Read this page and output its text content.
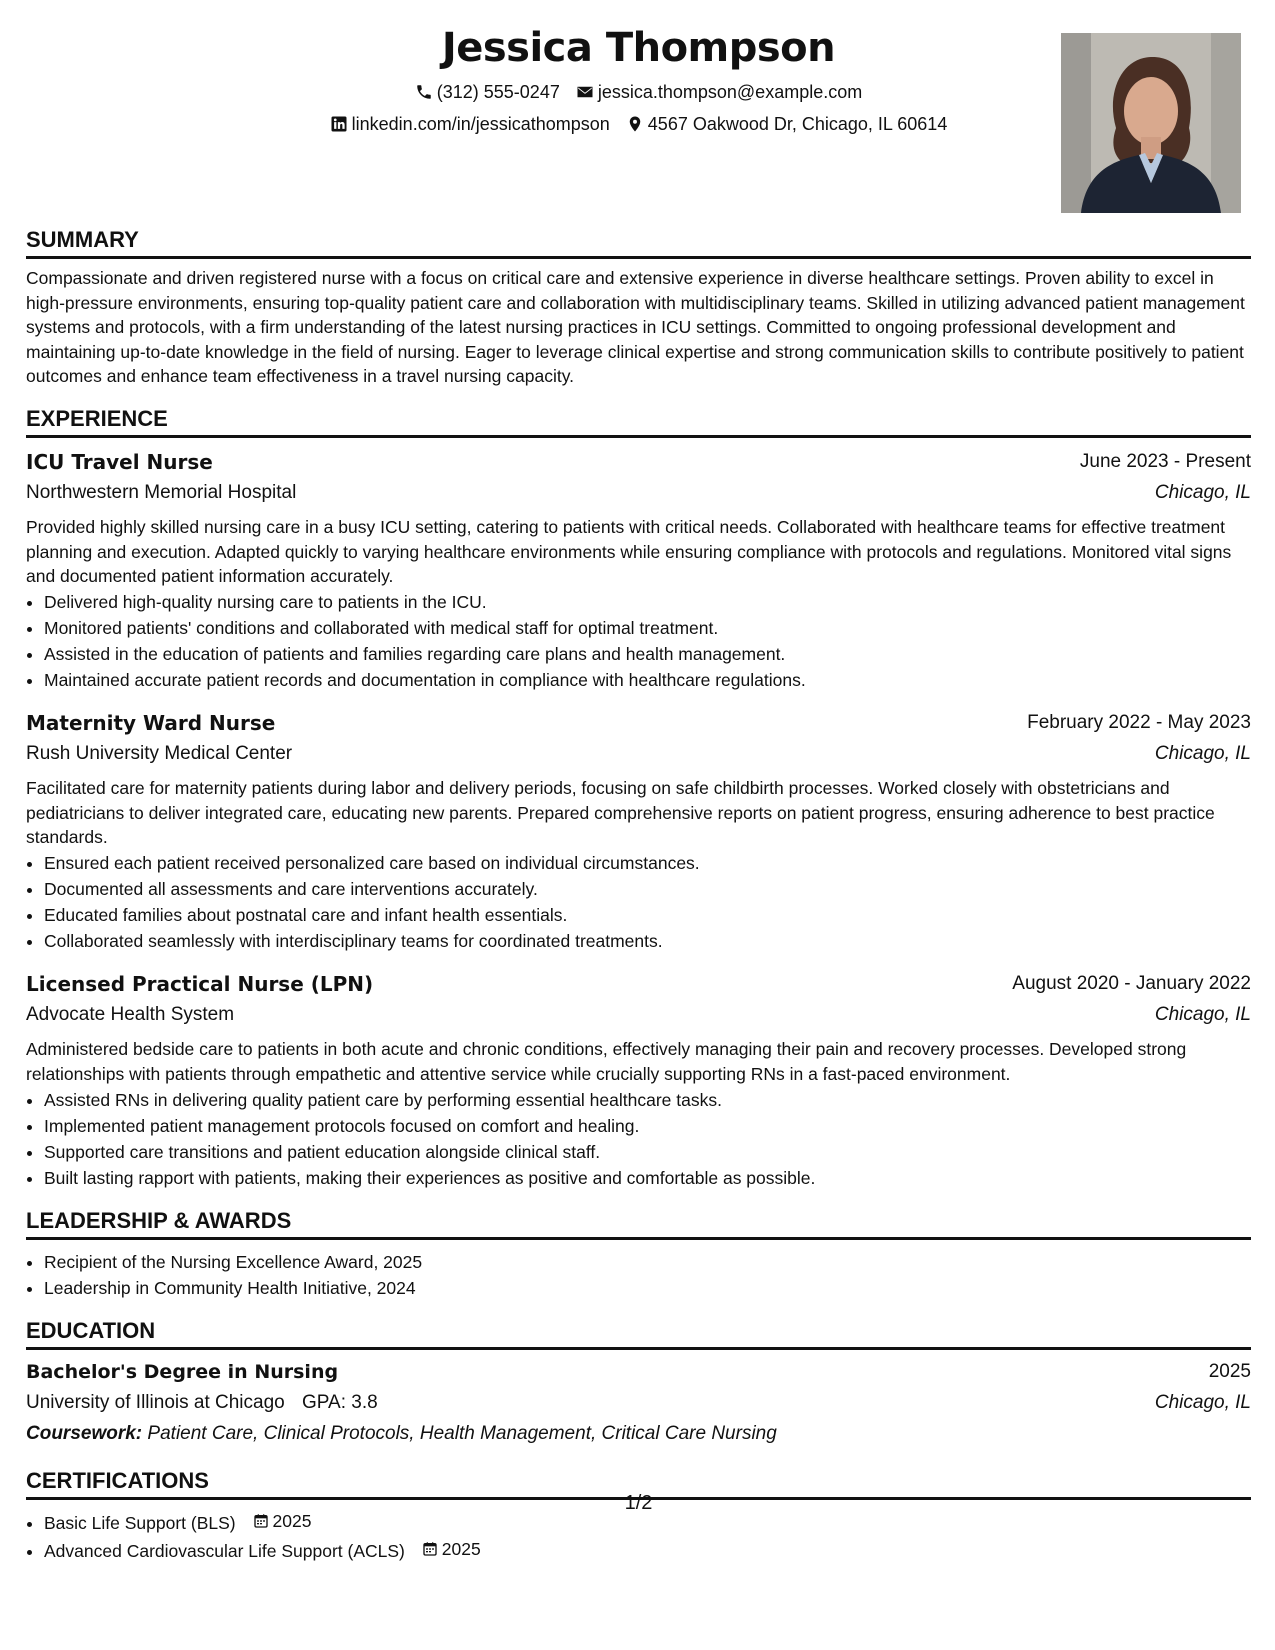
Jessica Thompson
(312) 555-0247 jessica.thompson@example.com
linkedin.com/in/jessicathompson 4567 Oakwood Dr, Chicago, IL 60614
SUMMARY
Compassionate and driven registered nurse with a focus on critical care and extensive experience in diverse healthcare settings. Proven ability to excel in high-pressure environments, ensuring top-quality patient care and collaboration with multidisciplinary teams. Skilled in utilizing advanced patient management systems and protocols, with a firm understanding of the latest nursing practices in ICU settings. Committed to ongoing professional development and maintaining up-to-date knowledge in the field of nursing. Eager to leverage clinical expertise and strong communication skills to contribute positively to patient outcomes and enhance team effectiveness in a travel nursing capacity.
EXPERIENCE
ICU Travel Nurse	June 2023 - Present
Northwestern Memorial Hospital	Chicago, IL
Provided highly skilled nursing care in a busy ICU setting, catering to patients with critical needs. Collaborated with healthcare teams for effective treatment planning and execution. Adapted quickly to varying healthcare environments while ensuring compliance with protocols and regulations. Monitored vital signs and documented patient information accurately.
• Delivered high-quality nursing care to patients in the ICU.
• Monitored patients' conditions and collaborated with medical staff for optimal treatment.
• Assisted in the education of patients and families regarding care plans and health management.
• Maintained accurate patient records and documentation in compliance with healthcare regulations.
Maternity Ward Nurse	February 2022 - May 2023
Rush University Medical Center	Chicago, IL
Facilitated care for maternity patients during labor and delivery periods, focusing on safe childbirth processes. Worked closely with obstetricians and pediatricians to deliver integrated care, educating new parents. Prepared comprehensive reports on patient progress, ensuring adherence to best practice standards.
• Ensured each patient received personalized care based on individual circumstances.
• Documented all assessments and care interventions accurately.
• Educated families about postnatal care and infant health essentials.
• Collaborated seamlessly with interdisciplinary teams for coordinated treatments.
Licensed Practical Nurse (LPN)	August 2020 - January 2022
Advocate Health System	Chicago, IL
Administered bedside care to patients in both acute and chronic conditions, effectively managing their pain and recovery processes. Developed strong relationships with patients through empathetic and attentive service while crucially supporting RNs in a fast-paced environment.
• Assisted RNs in delivering quality patient care by performing essential healthcare tasks.
• Implemented patient management protocols focused on comfort and healing.
• Supported care transitions and patient education alongside clinical staff.
• Built lasting rapport with patients, making their experiences as positive and comfortable as possible.
LEADERSHIP & AWARDS
• Recipient of the Nursing Excellence Award, 2025
• Leadership in Community Health Initiative, 2024
EDUCATION
Bachelor's Degree in Nursing	2025
University of Illinois at Chicago GPA: 3.8	Chicago, IL
Coursework: Patient Care, Clinical Protocols, Health Management, Critical Care Nursing
CERTIFICATIONS
• Basic Life Support (BLS) 2025
• Advanced Cardiovascular Life Support (ACLS) 2025
1/2
